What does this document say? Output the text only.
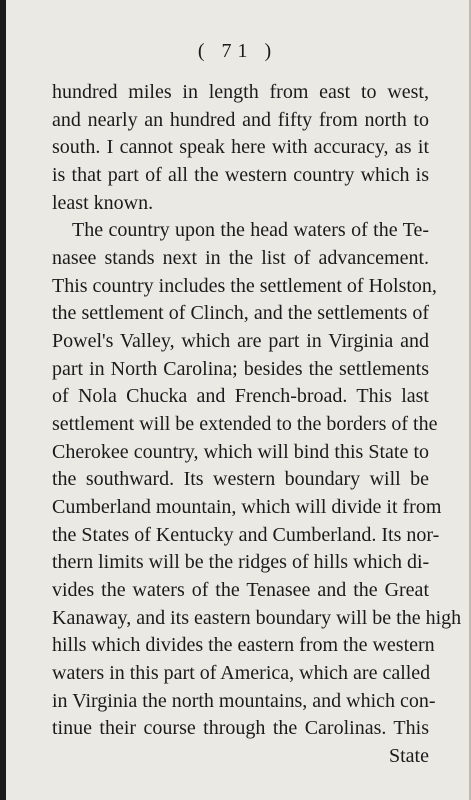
( 71 )
hundred miles in length from east to west,
and nearly an hundred and fifty from north to
south. I cannot speak here with accuracy, as it
is that part of all the western country which is
least known.
The country upon the head waters of the Te-
nasee stands next in the list of advancement.
This country includes the settlement of Holston,
the settlement of Clinch, and the settlements of
Powel's Valley, which are part in Virginia and
part in North Carolina; besides the settlements
of Nola Chucka and French-broad. This last
settlement will be extended to the borders of the
Cherokee country, which will bind this State to
the southward. Its western boundary will be
Cumberland mountain, which will divide it from
the States of Kentucky and Cumberland. Its nor-
thern limits will be the ridges of hills which di-
vides the waters of the Tenasee and the Great
Kanaway, and its eastern boundary will be the high
hills which divides the eastern from the western
waters in this part of America, which are called
in Virginia the north mountains, and which con-
tinue their course through the Carolinas. This
State
